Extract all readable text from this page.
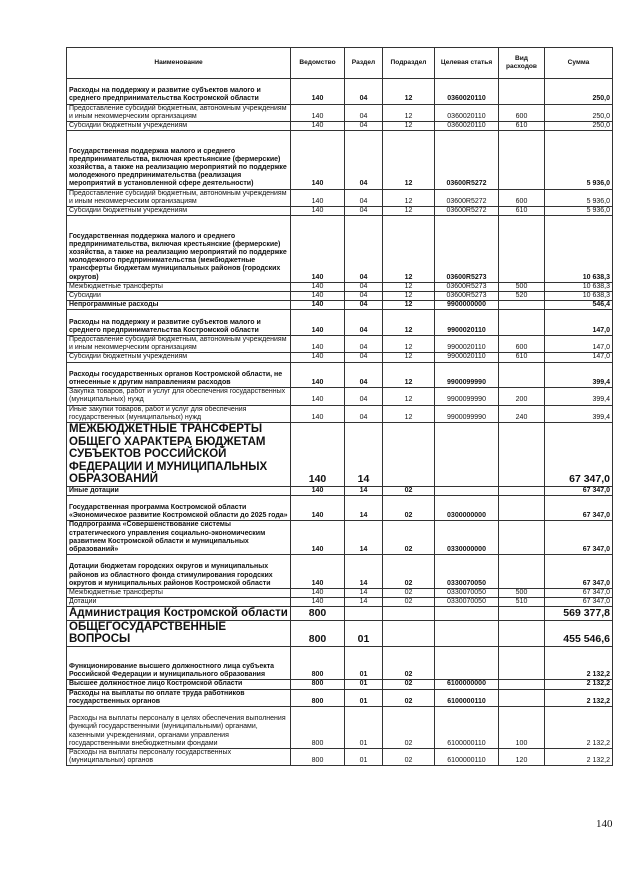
Наименование	Ведомство	Раздел	Подраздел	Целевая статья	Вид расходов	Сумма
Расходы на поддержку и развитие субъектов малого и среднего предпринимательства Костромской области	140	04	12	0360020110		250,0
Предоставление субсидий бюджетным, автономным учреждениям и иным некоммерческим организациям	140	04	12	0360020110	600	250,0
Субсидии бюджетным учреждениям	140	04	12	0360020110	610	250,0
Государственная поддержка малого и среднего предпринимательства, включая крестьянские (фермерские) хозяйства, а также на реализацию мероприятий по поддержке молодежного предпринимательства (реализация мероприятий в установленной сфере деятельности)	140	04	12	03600R5272		5 936,0
Предоставление субсидий бюджетным, автономным учреждениям и иным некоммерческим организациям	140	04	12	03600R5272	600	5 936,0
Субсидии бюджетным учреждениям	140	04	12	03600R5272	610	5 936,0
Государственная поддержка малого и среднего предпринимательства, включая крестьянские (фермерские) хозяйства, а также на реализацию мероприятий по поддержке молодежного предпринимательства (межбюджетные трансферты бюджетам муниципальных районов (городских округов)	140	04	12	03600R5273		10 638,3
Межбюджетные трансферты	140	04	12	03600R5273	500	10 638,3
Субсидии	140	04	12	03600R5273	520	10 638,3
Непрограммные расходы	140	04	12	9900000000		546,4
Расходы на поддержку и развитие субъектов малого и среднего предпринимательства Костромской области	140	04	12	9900020110		147,0
Предоставление субсидий бюджетным, автономным учреждениям и иным некоммерческим организациям	140	04	12	9900020110	600	147,0
Субсидии бюджетным учреждениям	140	04	12	9900020110	610	147,0
Расходы государственных органов Костромской области, не отнесенные к другим направлениям расходов	140	04	12	9900099990		399,4
Закупка товаров, работ и услуг для обеспечения государственных (муниципальных) нужд	140	04	12	9900099990	200	399,4
Иные закупки товаров, работ и услуг для обеспечения государственных (муниципальных) нужд	140	04	12	9900099990	240	399,4
МЕЖБЮДЖЕТНЫЕ ТРАНСФЕРТЫ ОБЩЕГО ХАРАКТЕРА БЮДЖЕТАМ СУБЪЕКТОВ РОССИЙСКОЙ ФЕДЕРАЦИИ И МУНИЦИПАЛЬНЫХ ОБРАЗОВАНИЙ	140	14				67 347,0
Иные дотации	140	14	02			67 347,0
Государственная программа Костромской области «Экономическое развитие Костромской области до 2025 года»	140	14	02	0300000000		67 347,0
Подпрограмма «Совершенствование системы стратегического управления социально-экономическим развитием Костромской области и муниципальных образований»	140	14	02	0330000000		67 347,0
Дотации бюджетам городских округов и муниципальных районов из областного фонда стимулирования городских округов и муниципальных районов Костромской области	140	14	02	0330070050		67 347,0
Межбюджетные трансферты	140	14	02	0330070050	500	67 347,0
Дотации	140	14	02	0330070050	510	67 347,0
Администрация Костромской области	800					569 377,8
ОБЩЕГОСУДАРСТВЕННЫЕ ВОПРОСЫ	800	01				455 546,6
Функционирование высшего должностного лица субъекта Российской Федерации и муниципального образования	800	01	02			2 132,2
Высшее должностное лицо Костромской области	800	01	02	6100000000		2 132,2
Расходы на выплаты по оплате труда работников государственных органов	800	01	02	6100000110		2 132,2
Расходы на выплаты персоналу в целях обеспечения выполнения функций государственными (муниципальными) органами, казенными учреждениями, органами управления государственными внебюджетными фондами	800	01	02	6100000110	100	2 132,2
Расходы на выплаты персоналу государственных (муниципальных) органов	800	01	02	6100000110	120	2 132,2
140
